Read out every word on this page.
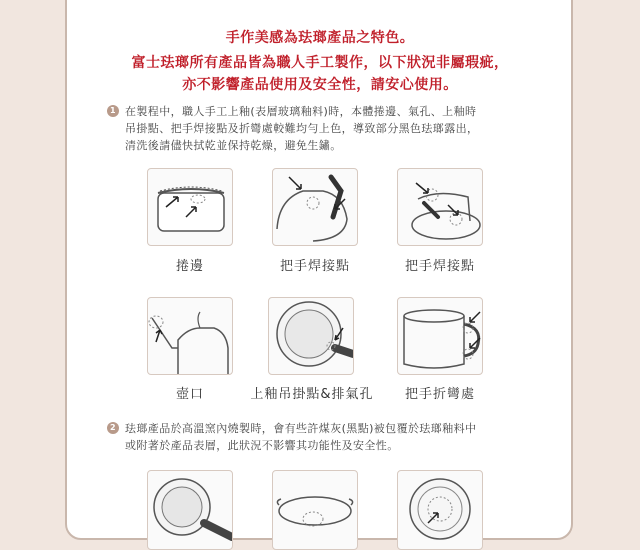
手作美感為珐瑯產品之特色。
富士珐瑯所有產品皆為職人手工製作，以下狀況非屬瑕疵，
亦不影響產品使用及安全性，請安心使用。
1 在製程中，職人手工上釉(表層玻璃釉料)時，本體捲邊、氣孔、上釉時
吊掛點、把手焊接點及折彎處較難均勻上色，導致部分黑色珐瑯露出，
清洗後請儘快拭乾並保持乾燥，避免生鏽。
捲邊	把手焊接點	把手焊接點
壺口	上釉吊掛點&排氣孔	把手折彎處
2 珐瑯產品於高溫窯內燒製時，會有些許煤灰(黑點)被包覆於珐瑯釉料中
或附著於產品表層，此狀況不影響其功能性及安全性。
